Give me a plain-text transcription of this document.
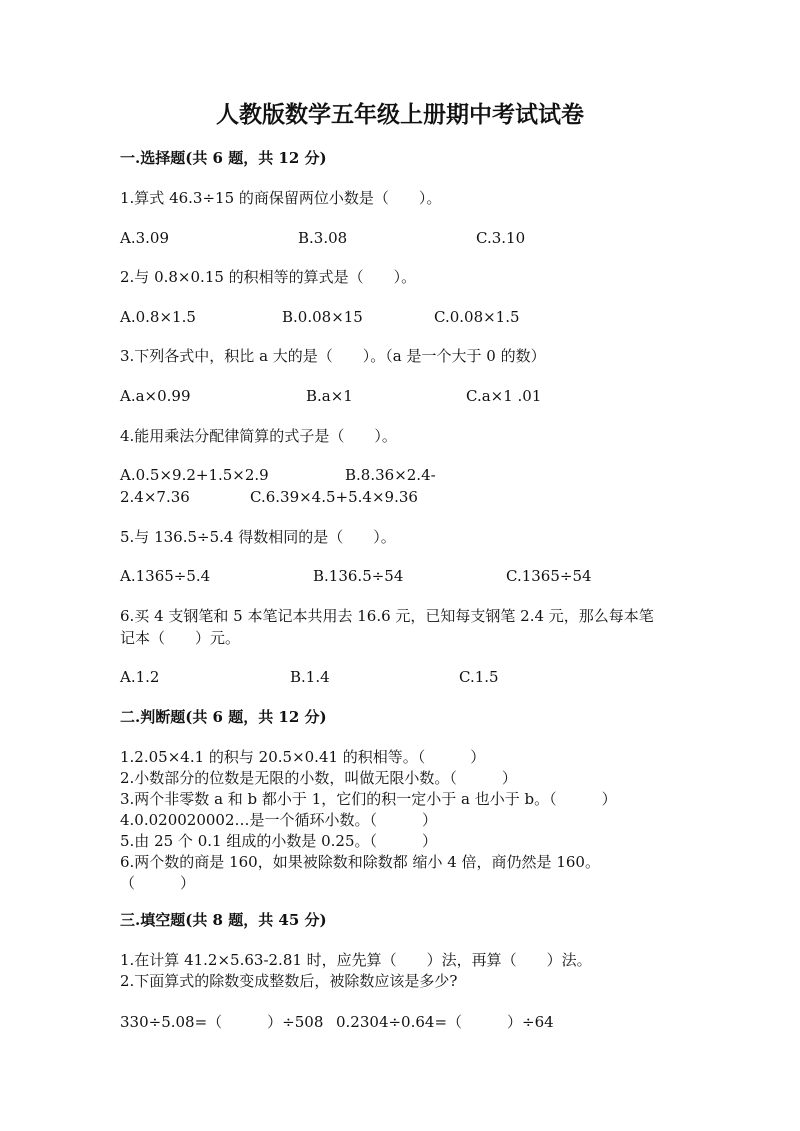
人教版数学五年级上册期中考试试卷
一.选择题(共 6 题，共 12 分)
1.算式 46.3÷15 的商保留两位小数是（　　）。
A.3.09	B.3.08	C.3.10
2.与 0.8×0.15 的积相等的算式是（　　）。
A.0.8×1.5	B.0.08×15	C.0.08×1.5
3.下列各式中，积比 a 大的是（　　）。（a 是一个大于 0 的数）
A.a×0.99	B.a×1	C.a×1 .01
4.能用乘法分配律简算的式子是（　　）。
A.0.5×9.2+1.5×2.9	B.8.36×2.4-
2.4×7.36	C.6.39×4.5+5.4×9.36
5.与 136.5÷5.4 得数相同的是（　　）。
A.1365÷5.4	B.136.5÷54	C.1365÷54
6.买 4 支钢笔和 5 本笔记本共用去 16.6 元，已知每支钢笔 2.4 元，那么每本笔
记本（　　）元。
A.1.2	B.1.4	C.1.5
二.判断题(共 6 题，共 12 分)
1.2.05×4.1 的积与 20.5×0.41 的积相等。（　　　）
2.小数部分的位数是无限的小数，叫做无限小数。（　　　）
3.两个非零数 a 和 b 都小于 1，它们的积一定小于 a 也小于 b。（　　　）
4.0.020020002…是一个循环小数。（　　　）
5.由 25 个 0.1 组成的小数是 0.25。（　　　）
6.两个数的商是 160，如果被除数和除数都 缩小 4 倍，商仍然是 160。
（　　　）
三.填空题(共 8 题，共 45 分)
1.在计算 41.2×5.63-2.81 时，应先算（　　）法，再算（　　）法。
2.下面算式的除数变成整数后，被除数应该是多少?
330÷5.08=（　　　）÷508 0.2304÷0.64=（　　　）÷64
